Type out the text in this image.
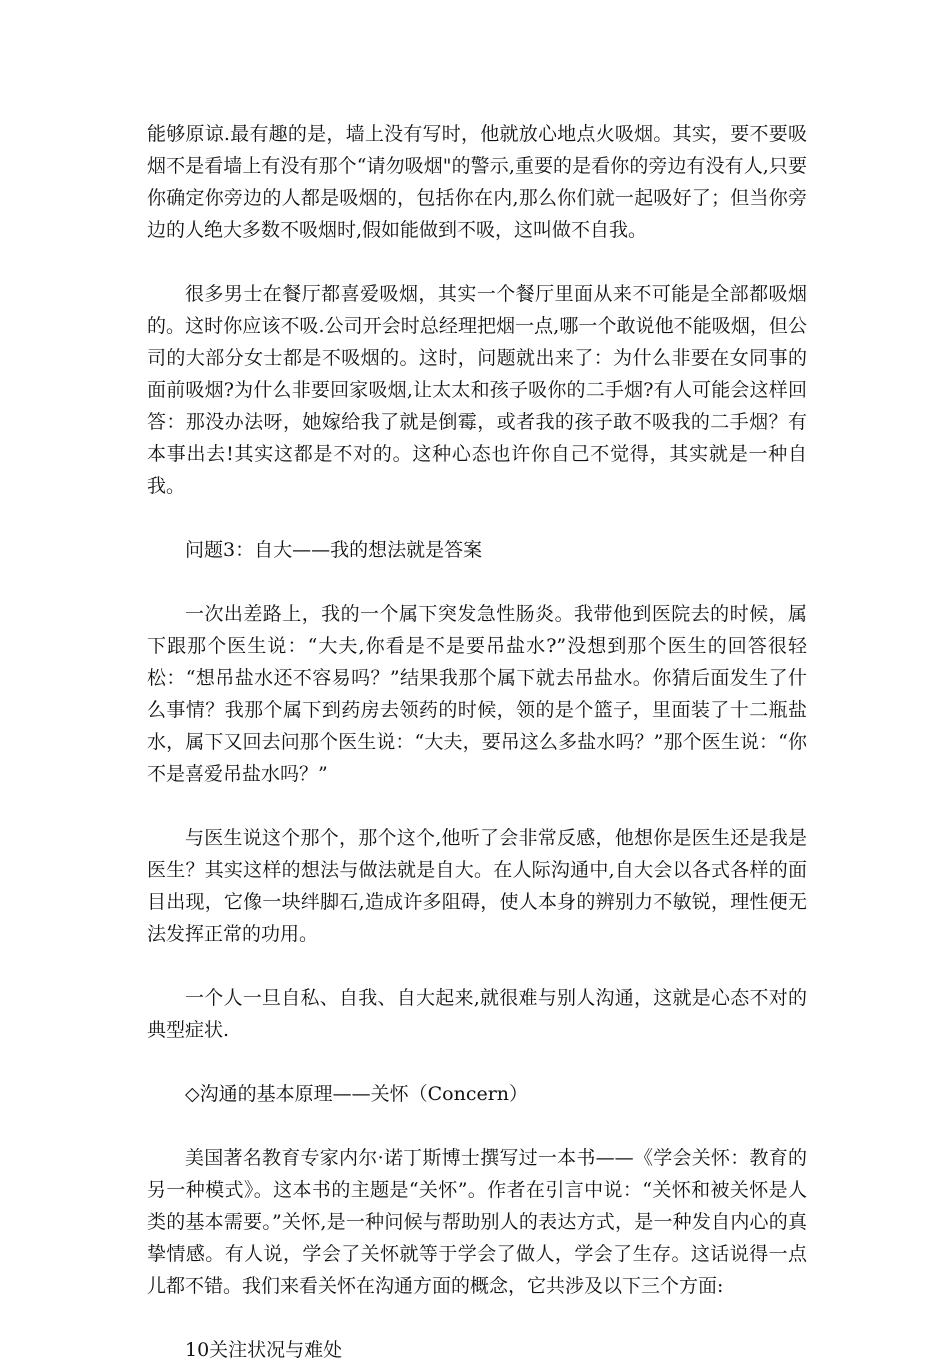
能够原谅.最有趣的是，墙上没有写时，他就放心地点火吸烟。其实，要不要吸烟不是看墙上有没有那个“请勿吸烟"的警示,重要的是看你的旁边有没有人,只要你确定你旁边的人都是吸烟的，包括你在内,那么你们就一起吸好了；但当你旁边的人绝大多数不吸烟时,假如能做到不吸，这叫做不自我。

很多男士在餐厅都喜爱吸烟，其实一个餐厅里面从来不可能是全部都吸烟的。这时你应该不吸.公司开会时总经理把烟一点,哪一个敢说他不能吸烟，但公司的大部分女士都是不吸烟的。这时，问题就出来了：为什么非要在女同事的面前吸烟?为什么非要回家吸烟,让太太和孩子吸你的二手烟?有人可能会这样回答：那没办法呀，她嫁给我了就是倒霉，或者我的孩子敢不吸我的二手烟？有本事出去!其实这都是不对的。这种心态也许你自己不觉得，其实就是一种自我。

问题3：自大——我的想法就是答案

一次出差路上，我的一个属下突发急性肠炎。我带他到医院去的时候，属下跟那个医生说：“大夫,你看是不是要吊盐水?”没想到那个医生的回答很轻松：“想吊盐水还不容易吗？”结果我那个属下就去吊盐水。你猜后面发生了什么事情？我那个属下到药房去领药的时候，领的是个篮子，里面装了十二瓶盐水，属下又回去问那个医生说：“大夫，要吊这么多盐水吗？”那个医生说：“你不是喜爱吊盐水吗？”

与医生说这个那个，那个这个,他听了会非常反感，他想你是医生还是我是医生？其实这样的想法与做法就是自大。在人际沟通中,自大会以各式各样的面目出现，它像一块绊脚石,造成许多阻碍，使人本身的辨别力不敏锐，理性便无法发挥正常的功用。

一个人一旦自私、自我、自大起来,就很难与别人沟通，这就是心态不对的典型症状.

◇沟通的基本原理——关怀（Concern）

美国著名教育专家内尔·诺丁斯博士撰写过一本书——《学会关怀：教育的另一种模式》。这本书的主题是“关怀”。作者在引言中说：“关怀和被关怀是人类的基本需要。”关怀,是一种问候与帮助别人的表达方式，是一种发自内心的真挚情感。有人说，学会了关怀就等于学会了做人，学会了生存。这话说得一点儿都不错。我们来看关怀在沟通方面的概念，它共涉及以下三个方面:

10关注状况与难处
